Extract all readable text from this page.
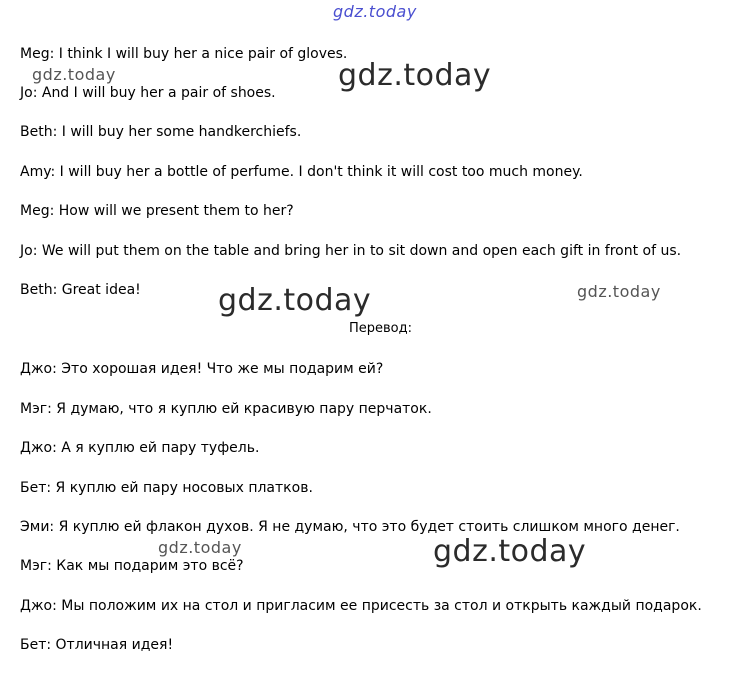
gdz.today
gdz.today	gdz.today
gdz.today	gdz.today
gdz.today	gdz.today
Meg: I think I will buy her a nice pair of gloves.
Jo: And I will buy her a pair of shoes.
Beth: I will buy her some handkerchiefs.
Amy: I will buy her a bottle of perfume. I don't think it will cost too much money.
Meg: How will we present them to her?
Jo: We will put them on the table and bring her in to sit down and open each gift in front of us.
Beth: Great idea!
Перевод:
Джо: Это хорошая идея! Что же мы подарим ей?
Мэг: Я думаю, что я куплю ей красивую пару перчаток.
Джо: А я куплю ей пару туфель.
Бет: Я куплю ей пару носовых платков.
Эми: Я куплю ей флакон духов. Я не думаю, что это будет стоить слишком много денег.
Мэг: Как мы подарим это всё?
Джо: Мы положим их на стол и пригласим ее присесть за стол и открыть каждый подарок.
Бет: Отличная идея!
